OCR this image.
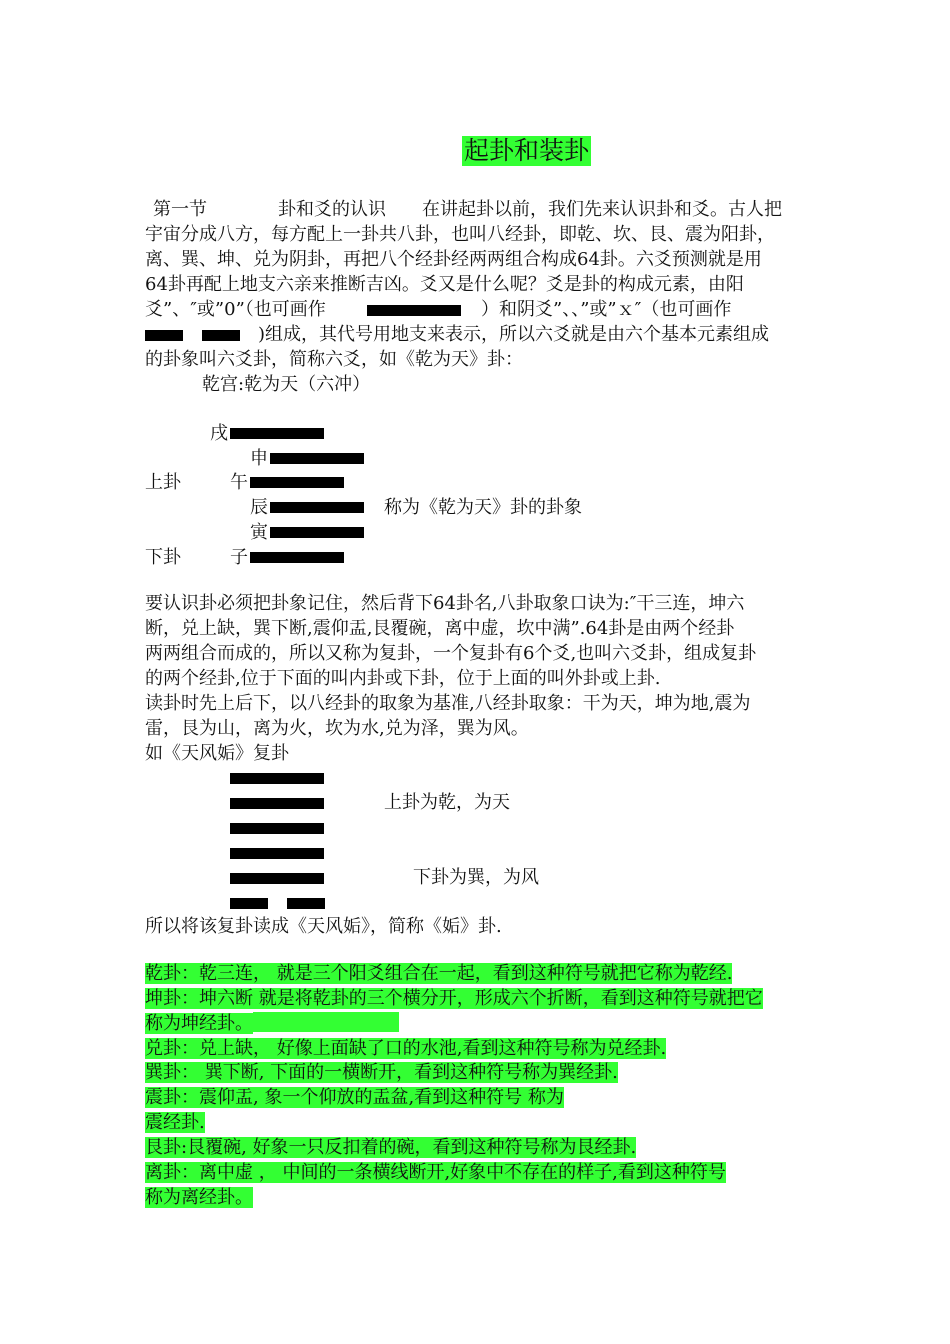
起卦和装卦
第一节	卦和爻的认识 在讲起卦以前，我们先来认识卦和爻。古人把
宇宙分成八方，每方配上一卦共八卦，也叫八经卦，即乾、坎、艮、震为阳卦，
离、巽、坤、兑为阴卦，再把八个经卦经两两组合构成64卦。六爻预测就是用
64卦再配上地支六亲来推断吉凶。爻又是什么呢？爻是卦的构成元素，由阳
爻”、″或”0”（也可画作	）和阴爻”、、”或”ｘ″（也可画作
)组成，其代号用地支来表示，所以六爻就是由六个基本元素组成
的卦象叫六爻卦，简称六爻，如《乾为天》卦：
乾宫:乾为天（六冲）
戌
申
上卦	午
辰	称为《乾为天》卦的卦象
寅
下卦	子
要认识卦必须把卦象记住，然后背下64卦名,八卦取象口诀为:″干三连，坤六
断，兑上缺，巽下断,震仰盂,艮覆碗，离中虚，坎中满”.64卦是由两个经卦
两两组合而成的，所以又称为复卦，一个复卦有6个爻,也叫六爻卦，组成复卦
的两个经卦,位于下面的叫内卦或下卦，位于上面的叫外卦或上卦.
读卦时先上后下，以八经卦的取象为基准,八经卦取象：干为天，坤为地,震为
雷，艮为山，离为火，坎为水,兑为泽，巽为风。
如《天风姤》复卦
上卦为乾，为天
下卦为巽，为风
所以将该复卦读成《天风姤》，简称《姤》卦.
乾卦：乾三连， 就是三个阳爻组合在一起，看到这种符号就把它称为乾经.
坤卦：坤六断 就是将乾卦的三个横分开，形成六个折断，看到这种符号就把它
称为坤经卦。
兑卦：兑上缺， 好像上面缺了口的水池,看到这种符号称为兑经卦.
巽卦： 巽下断, 下面的一横断开，看到这种符号称为巽经卦.
震卦：震仰盂, 象一个仰放的盂盆,看到这种符号 称为
震经卦.
艮卦:艮覆碗, 好象一只反扣着的碗，看到这种符号称为艮经卦.
离卦：离中虚 ， 中间的一条横线断开,好象中不存在的样子,看到这种符号
称为离经卦。
